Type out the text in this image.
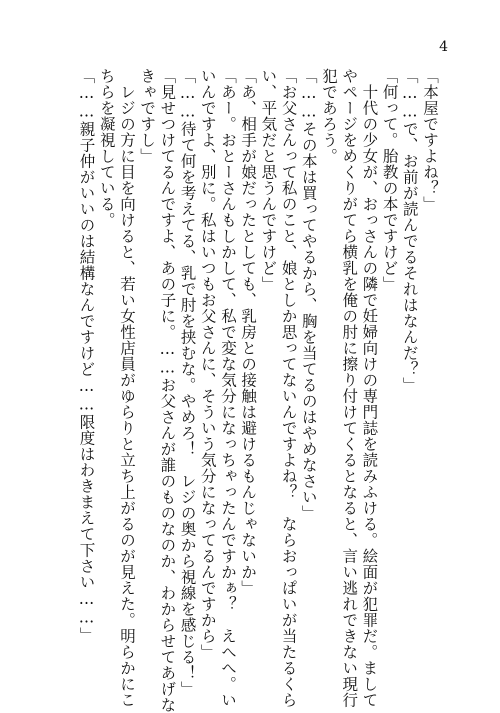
4
「本屋ですよね？」
「……で、お前が読んでるそれはなんだ？」
「何って。胎教の本ですけど」
　十代の少女が、おっさんの隣で妊婦向けの専門誌を読みふける。絵面が犯罪だ。まして
やページをめくりがてら横乳を俺の肘に擦り付けてくるとなると、言い逃れできない現行
犯であろう。
「……その本は買ってやるから、胸を当てるのはやめなさい」
「お父さんって私のこと、娘としか思ってないんですよね？　ならおっぱいが当たるくら
い、平気だと思うんですけど」
「あ、相手が娘だったとしても、乳房との接触は避けるもんじゃないか」
「あー。おとーさんもしかして、私で変な気分になっちゃったんですかぁ？　えへへ。い
いんですよ、別に。私はいつもお父さんに、そういう気分になってるんですから」
「……待て何を考えてる、乳で肘を挟むな。やめろ！　レジの奥から視線を感じる！」
「見せつけてるんですよ、あの子に。……お父さんが誰のものなのか、わからせてあげな
きゃですし」
　レジの方に目を向けると、若い女性店員がゆらりと立ち上がるのが見えた。明らかにこ
ちらを凝視している。
「……親子仲がいいのは結構なんですけど……限度はわきまえて下さい……」
